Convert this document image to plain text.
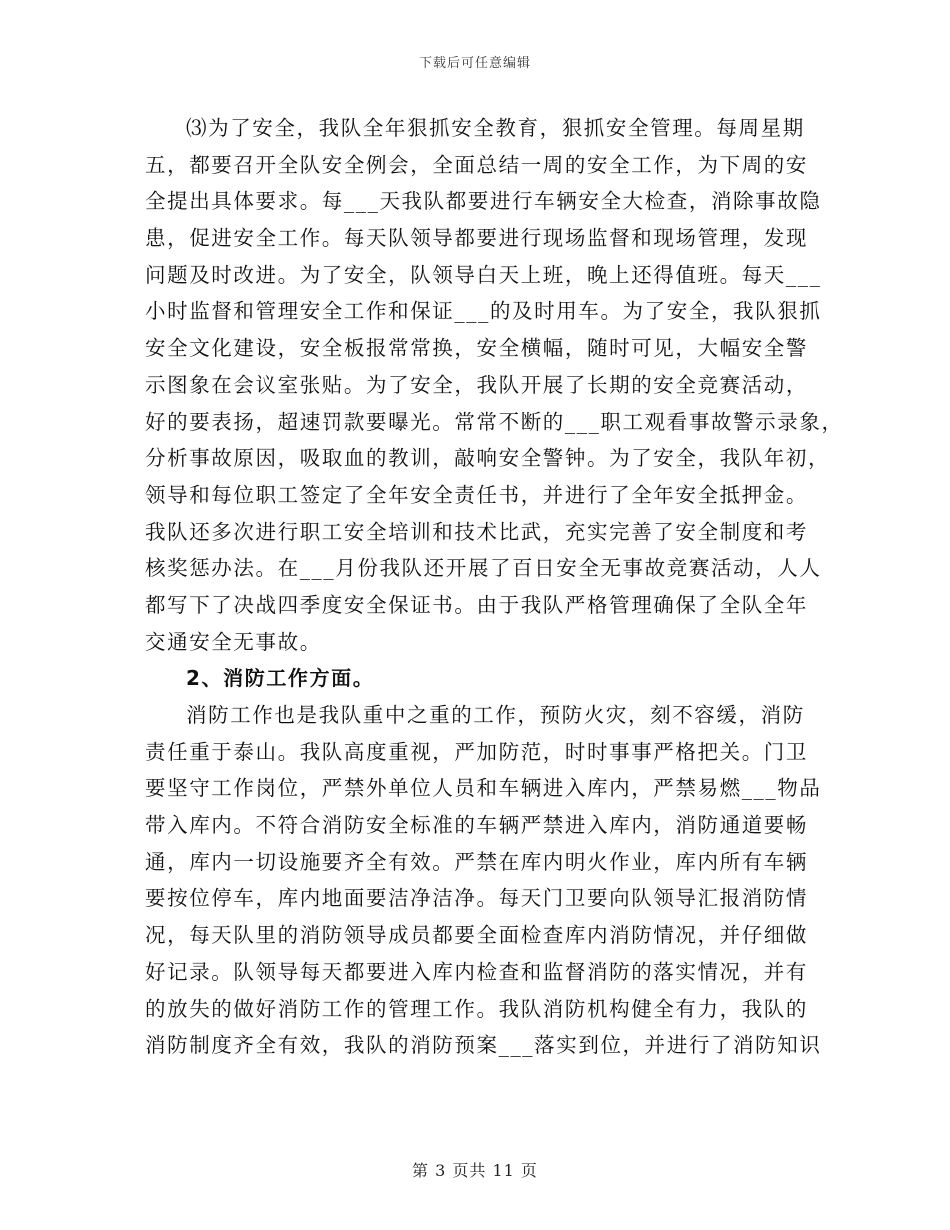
下载后可任意编辑
⑶为了安全，我队全年狠抓安全教育，狠抓安全管理。每周星期
五，都要召开全队安全例会，全面总结一周的安全工作，为下周的安
全提出具体要求。每___天我队都要进行车辆安全大检查，消除事故隐
患，促进安全工作。每天队领导都要进行现场监督和现场管理，发现
问题及时改进。为了安全，队领导白天上班，晚上还得值班。每天___
小时监督和管理安全工作和保证___的及时用车。为了安全，我队狠抓
安全文化建设，安全板报常常换，安全横幅，随时可见，大幅安全警
示图象在会议室张贴。为了安全，我队开展了长期的安全竞赛活动，
好的要表扬，超速罚款要曝光。常常不断的___职工观看事故警示录象，
分析事故原因，吸取血的教训，敲响安全警钟。为了安全，我队年初，
领导和每位职工签定了全年安全责任书，并进行了全年安全抵押金。
我队还多次进行职工安全培训和技术比武，充实完善了安全制度和考
核奖惩办法。在___月份我队还开展了百日安全无事故竞赛活动，人人
都写下了决战四季度安全保证书。由于我队严格管理确保了全队全年
交通安全无事故。
2、消防工作方面。
消防工作也是我队重中之重的工作，预防火灾，刻不容缓，消防
责任重于泰山。我队高度重视，严加防范，时时事事严格把关。门卫
要坚守工作岗位，严禁外单位人员和车辆进入库内，严禁易燃___物品
带入库内。不符合消防安全标准的车辆严禁进入库内，消防通道要畅
通，库内一切设施要齐全有效。严禁在库内明火作业，库内所有车辆
要按位停车，库内地面要洁净洁净。每天门卫要向队领导汇报消防情
况，每天队里的消防领导成员都要全面检查库内消防情况，并仔细做
好记录。队领导每天都要进入库内检查和监督消防的落实情况，并有
的放失的做好消防工作的管理工作。我队消防机构健全有力，我队的
消防制度齐全有效，我队的消防预案___落实到位，并进行了消防知识
第 3 页共 11 页
